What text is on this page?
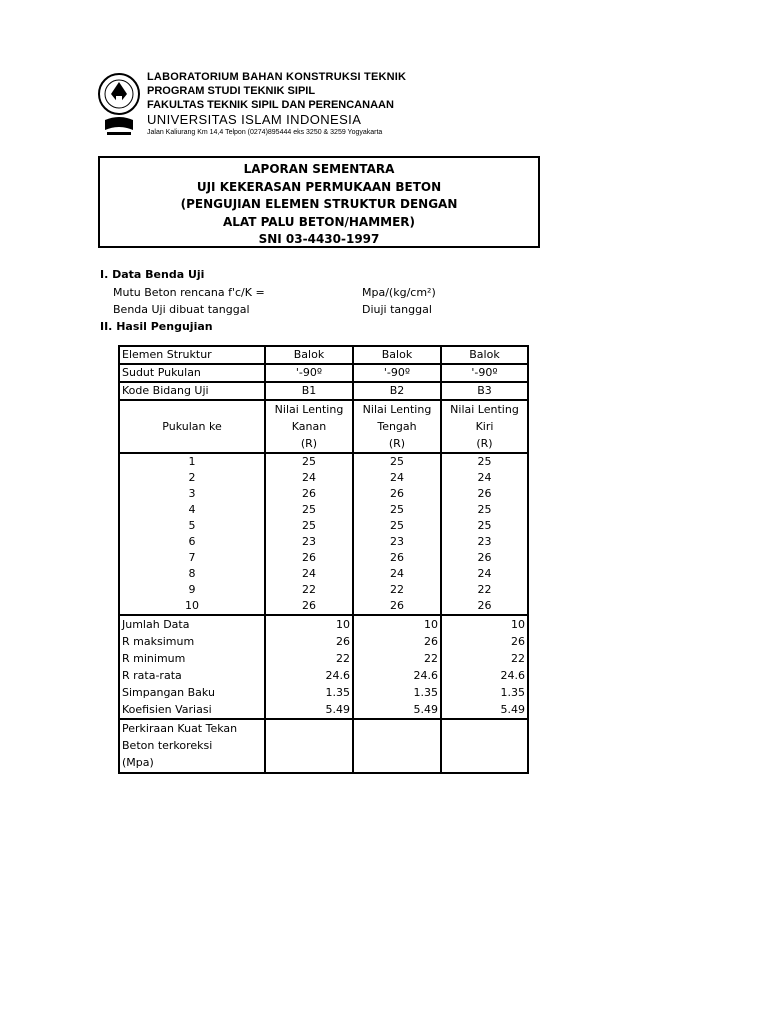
LABORATORIUM BAHAN KONSTRUKSI TEKNIK
PROGRAM STUDI TEKNIK SIPIL
FAKULTAS TEKNIK SIPIL DAN PERENCANAAN
UNIVERSITAS ISLAM INDONESIA
Jalan Kaliurang Km 14,4 Telpon (0274)895444 eks 3250 & 3259 Yogyakarta
LAPORAN SEMENTARA
UJI KEKERASAN PERMUKAAN BETON
(PENGUJIAN ELEMEN STRUKTUR DENGAN
ALAT PALU BETON/HAMMER)
SNI 03-4430-1997
I. Data Benda Uji
Mutu Beton rencana f'c/K =	Mpa/(kg/cm²)
Benda Uji dibuat tanggal	Diuji tanggal
II. Hasil Pengujian
Elemen Struktur	Balok	Balok	Balok
Sudut Pukulan	'-90º	'-90º	'-90º
Kode Bidang Uji	B1	B2	B3
Pukulan ke	Nilai Lenting	Nilai Lenting	Nilai Lenting
	Kanan	Tengah	Kiri
	(R)	(R)	(R)
1	25	25	25
2	24	24	24
3	26	26	26
4	25	25	25
5	25	25	25
6	23	23	23
7	26	26	26
8	24	24	24
9	22	22	22
10	26	26	26
Jumlah Data	10	10	10
R maksimum	26	26	26
R minimum	22	22	22
R rata-rata	24.6	24.6	24.6
Simpangan Baku	1.35	1.35	1.35
Koefisien Variasi	5.49	5.49	5.49

Perkiraan Kuat Tekan
Beton terkoreksi
(Mpa)			
